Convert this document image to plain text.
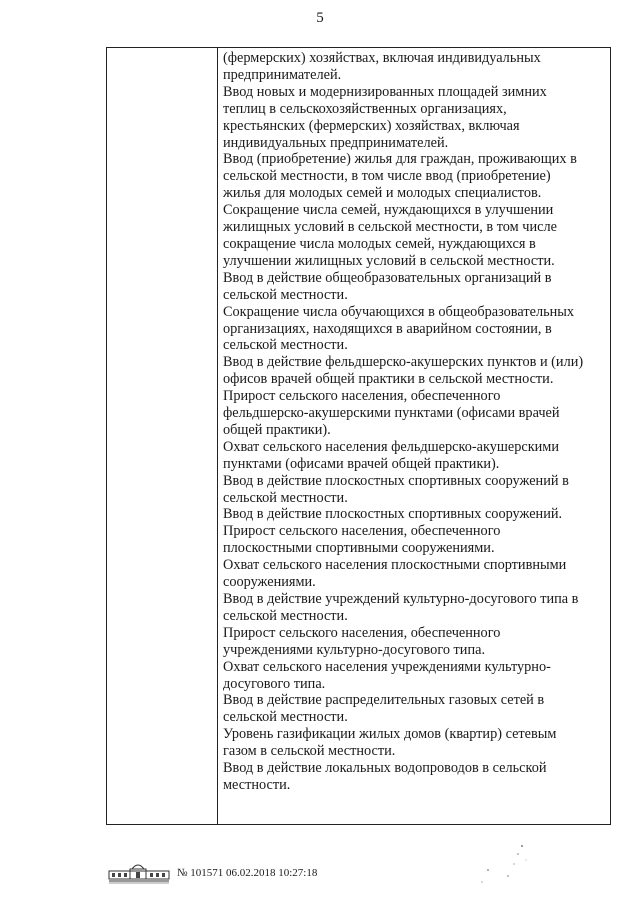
5
(фермерских) хозяйствах, включая индивидуальных
предпринимателей.
Ввод новых и модернизированных площадей зимних
теплиц в сельскохозяйственных организациях,
крестьянских (фермерских) хозяйствах, включая
индивидуальных предпринимателей.
Ввод (приобретение) жилья для граждан, проживающих в
сельской местности, в том числе ввод (приобретение)
жилья для молодых семей и молодых специалистов.
Сокращение числа семей, нуждающихся в улучшении
жилищных условий в сельской местности, в том числе
сокращение числа молодых семей, нуждающихся в
улучшении жилищных условий в сельской местности.
Ввод в действие общеобразовательных организаций в
сельской местности.
Сокращение числа обучающихся в общеобразовательных
организациях, находящихся в аварийном состоянии, в
сельской местности.
Ввод в действие фельдшерско-акушерских пунктов и (или)
офисов врачей общей практики в сельской местности.
Прирост сельского населения, обеспеченного
фельдшерско-акушерскими пунктами (офисами врачей
общей практики).
Охват сельского населения фельдшерско-акушерскими
пунктами (офисами врачей общей практики).
Ввод в действие плоскостных спортивных сооружений в
сельской местности.
Ввод в действие плоскостных спортивных сооружений.
Прирост сельского населения, обеспеченного
плоскостными спортивными сооружениями.
Охват сельского населения плоскостными спортивными
сооружениями.
Ввод в действие учреждений культурно-досугового типа в
сельской местности.
Прирост сельского населения, обеспеченного
учреждениями культурно-досугового типа.
Охват сельского населения учреждениями культурно-
досугового типа.
Ввод в действие распределительных газовых сетей в
сельской местности.
Уровень газификации жилых домов (квартир) сетевым
газом в сельской местности.
Ввод в действие локальных водопроводов в сельской
местности.
№ 101571 06.02.2018 10:27:18
